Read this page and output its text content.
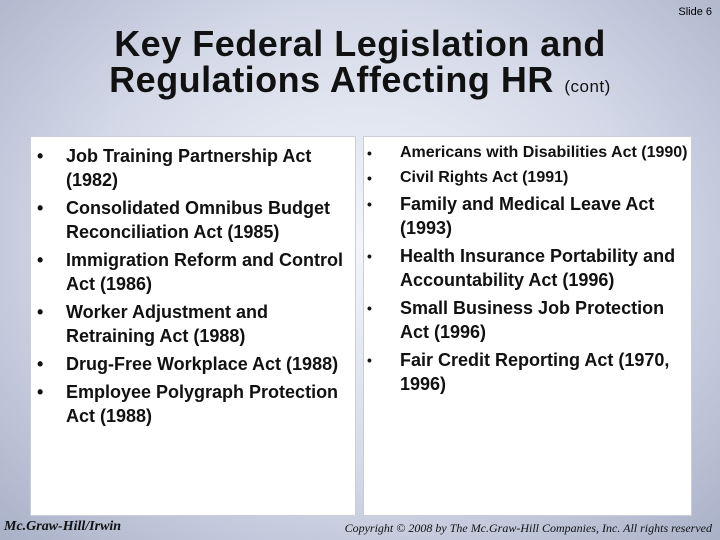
Slide 6
Key Federal Legislation and
Regulations Affecting HR (cont)
• Job Training Partnership Act (1982)
• Consolidated Omnibus Budget Reconciliation Act (1985)
• Immigration Reform and Control Act (1986)
• Worker Adjustment and Retraining Act (1988)
• Drug-Free Workplace Act (1988)
• Employee Polygraph Protection Act (1988)
• Americans with Disabilities Act (1990)
• Civil Rights Act (1991)
• Family and Medical Leave Act (1993)
• Health Insurance Portability and Accountability Act (1996)
• Small Business Job Protection Act (1996)
• Fair Credit Reporting Act (1970, 1996)
Mc.Graw-Hill/Irwin	Copyright © 2008 by The Mc.Graw-Hill Companies, Inc. All rights reserved
